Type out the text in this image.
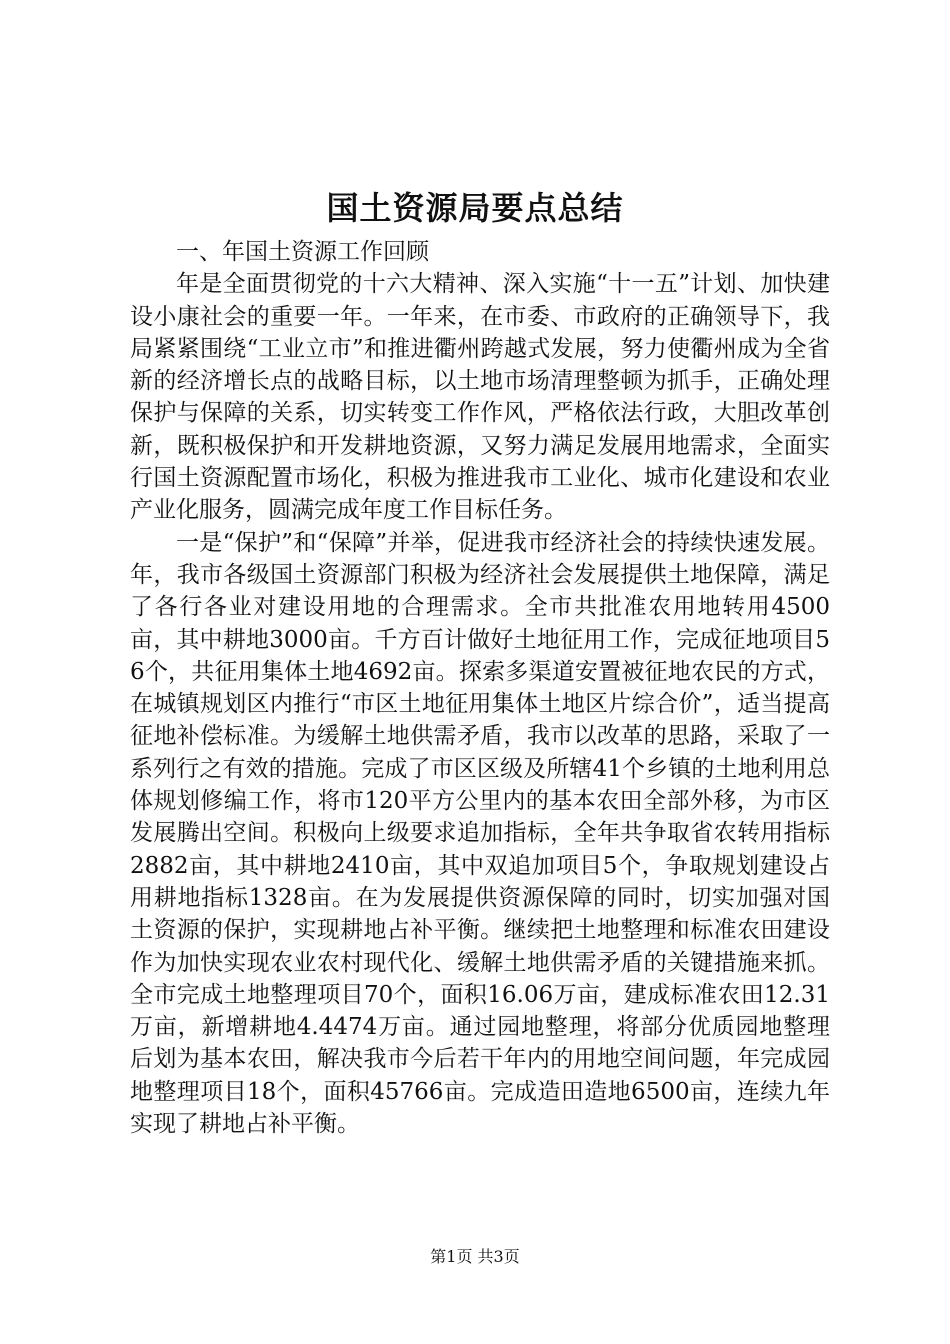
国土资源局要点总结

一、年国土资源工作回顾

年是全面贯彻党的十六大精神、深入实施“十一五”计划、加快建设小康社会的重要一年。一年来，在市委、市政府的正确领导下，我局紧紧围绕“工业立市”和推进衢州跨越式发展，努力使衢州成为全省新的经济增长点的战略目标，以土地市场清理整顿为抓手，正确处理保护与保障的关系，切实转变工作作风，严格依法行政，大胆改革创新，既积极保护和开发耕地资源，又努力满足发展用地需求，全面实行国土资源配置市场化，积极为推进我市工业化、城市化建设和农业产业化服务，圆满完成年度工作目标任务。

一是“保护”和“保障”并举，促进我市经济社会的持续快速发展。年，我市各级国土资源部门积极为经济社会发展提供土地保障，满足了各行各业对建设用地的合理需求。全市共批准农用地转用4500亩，其中耕地3000亩。千方百计做好土地征用工作，完成征地项目56个，共征用集体土地4692亩。探索多渠道安置被征地农民的方式，在城镇规划区内推行“市区土地征用集体土地区片综合价”，适当提高征地补偿标准。为缓解土地供需矛盾，我市以改革的思路，采取了一系列行之有效的措施。完成了市区区级及所辖41个乡镇的土地利用总体规划修编工作，将市120平方公里内的基本农田全部外移，为市区发展腾出空间。积极向上级要求追加指标，全年共争取省农转用指标2882亩，其中耕地2410亩，其中双追加项目5个，争取规划建设占用耕地指标1328亩。在为发展提供资源保障的同时，切实加强对国土资源的保护，实现耕地占补平衡。继续把土地整理和标准农田建设作为加快实现农业农村现代化、缓解土地供需矛盾的关键措施来抓。全市完成土地整理项目70个，面积16.06万亩，建成标准农田12.31万亩，新增耕地4.4474万亩。通过园地整理，将部分优质园地整理后划为基本农田，解决我市今后若干年内的用地空间问题，年完成园地整理项目18个，面积45766亩。完成造田造地6500亩，连续九年实现了耕地占补平衡。

第1页 共3页
